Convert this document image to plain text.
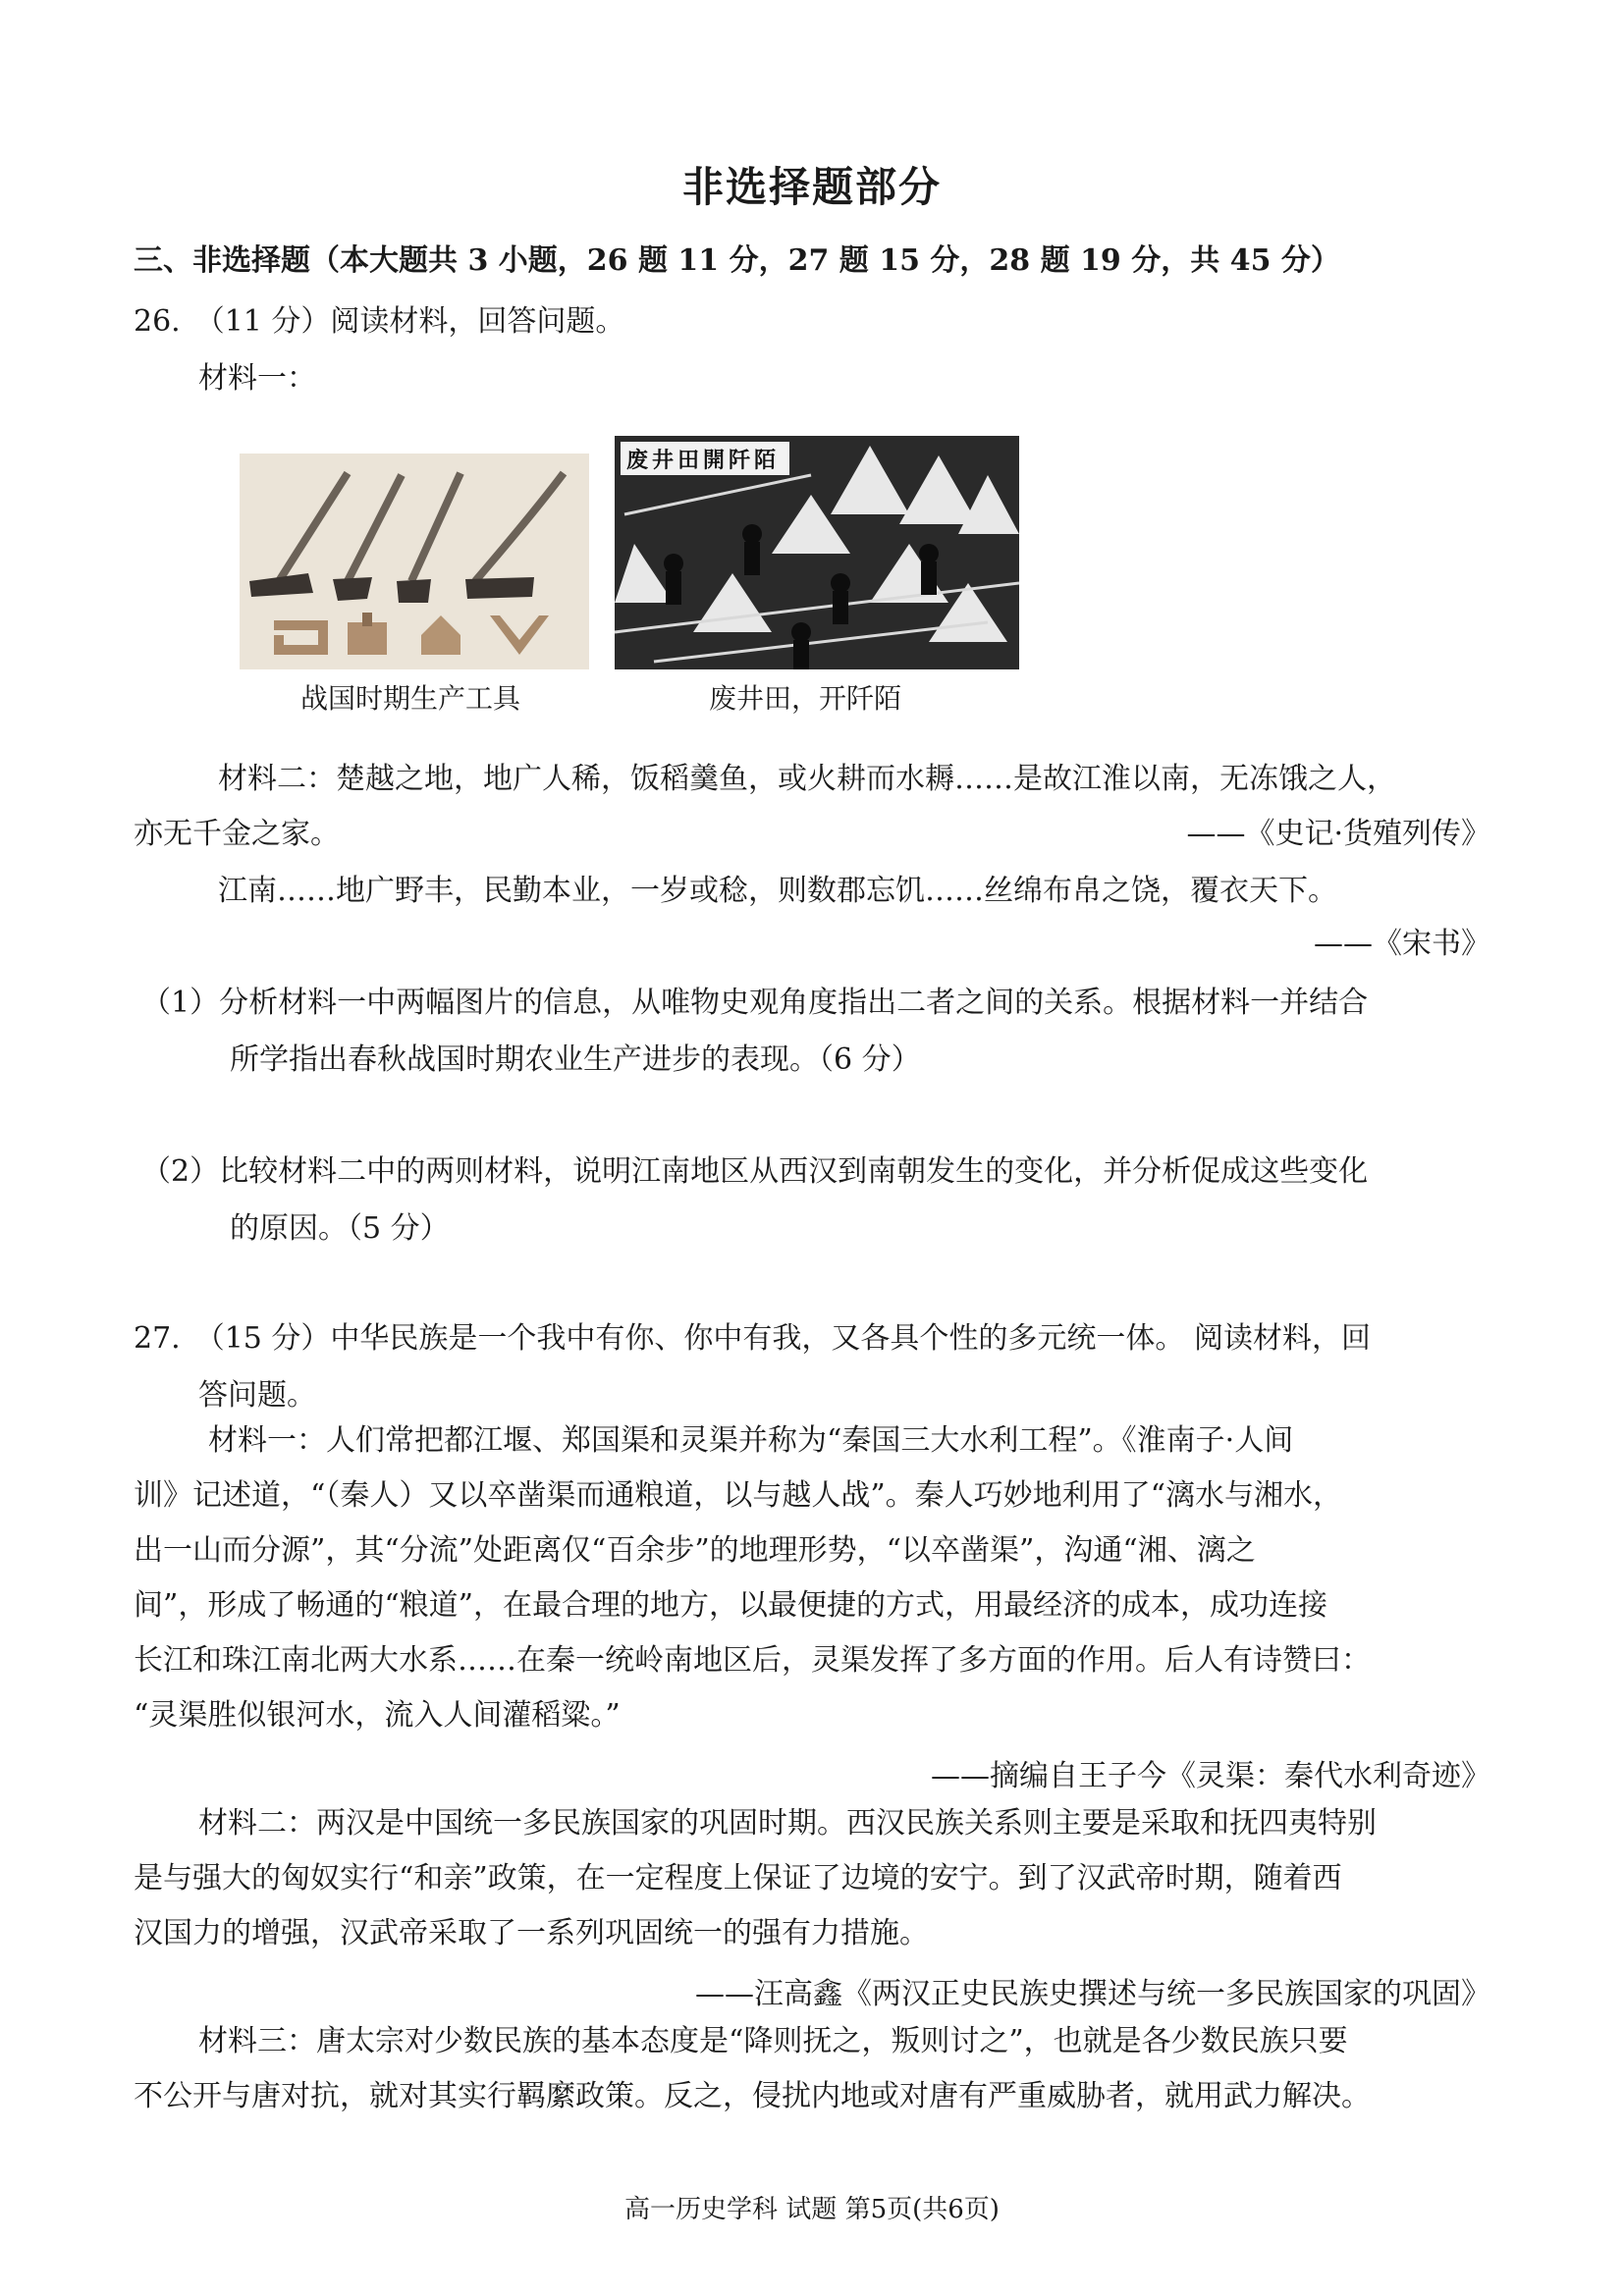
非选择题部分
三、非选择题（本大题共 3 小题，26 题 11 分，27 题 15 分，28 题 19 分，共 45 分）
26.　（11 分）阅读材料，回答问题。
材料一：
战国时期生产工具
废井田開阡陌
废井田，开阡陌
材料二：楚越之地，地广人稀，饭稻羹鱼，或火耕而水耨……是故江淮以南，无冻饿之人，
亦无千金之家。	——《史记·货殖列传》
江南……地广野丰，民勤本业，一岁或稔，则数郡忘饥……丝绵布帛之饶，覆衣天下。
——《宋书》
（1）分析材料一中两幅图片的信息，从唯物史观角度指出二者之间的关系。根据材料一并结合
所学指出春秋战国时期农业生产进步的表现。（6 分）
（2）比较材料二中的两则材料，说明江南地区从西汉到南朝发生的变化，并分析促成这些变化
的原因。（5 分）
27.　（15 分）中华民族是一个我中有你、你中有我，又各具个性的多元统一体。 阅读材料，回
答问题。
材料一：人们常把都江堰、郑国渠和灵渠并称为“秦国三大水利工程”。《淮南子·人间
训》记述道，“（秦人）又以卒凿渠而通粮道，以与越人战”。秦人巧妙地利用了“漓水与湘水，
出一山而分源”，其“分流”处距离仅“百余步”的地理形势，“以卒凿渠”，沟通“湘、漓之
间”，形成了畅通的“粮道”，在最合理的地方，以最便捷的方式，用最经济的成本，成功连接
长江和珠江南北两大水系……在秦一统岭南地区后，灵渠发挥了多方面的作用。后人有诗赞曰：
“灵渠胜似银河水，流入人间灌稻粱。”
——摘编自王子今《灵渠：秦代水利奇迹》
材料二：两汉是中国统一多民族国家的巩固时期。西汉民族关系则主要是采取和抚四夷特别
是与强大的匈奴实行“和亲”政策，在一定程度上保证了边境的安宁。到了汉武帝时期，随着西
汉国力的增强，汉武帝采取了一系列巩固统一的强有力措施。
——汪高鑫《两汉正史民族史撰述与统一多民族国家的巩固》
材料三：唐太宗对少数民族的基本态度是“降则抚之，叛则讨之”，也就是各少数民族只要
不公开与唐对抗，就对其实行羁縻政策。反之，侵扰内地或对唐有严重威胁者，就用武力解决。
高一历史学科 试题 第5页(共6页)
